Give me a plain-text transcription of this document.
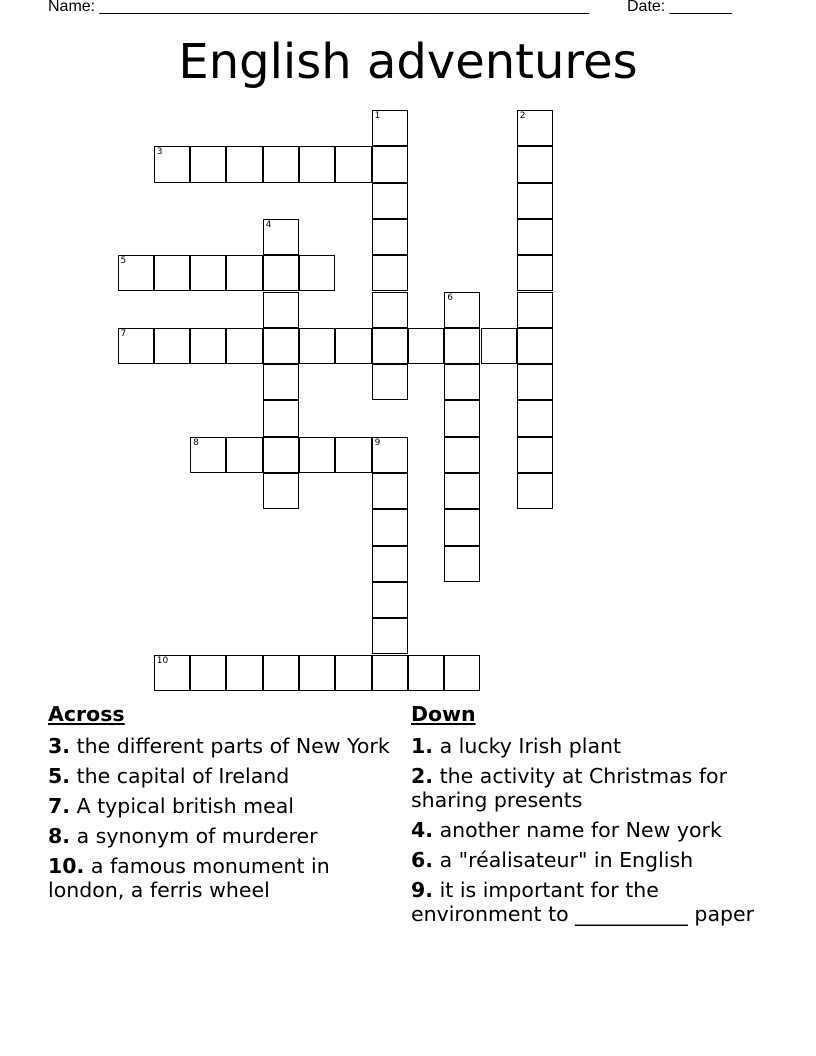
Name: _______________________________________________________ Date: _______
English adventures
1	2
3
4
5
6
7
8	9
10
Across
3. the different parts of New York
5. the capital of Ireland
7. A typical british meal
8. a synonym of murderer
10. a famous monument in london, a ferris wheel
Down
1. a lucky Irish plant
2. the activity at Christmas for sharing presents
4. another name for New york
6. a "réalisateur" in English
9. it is important for the environment to ___________ paper
